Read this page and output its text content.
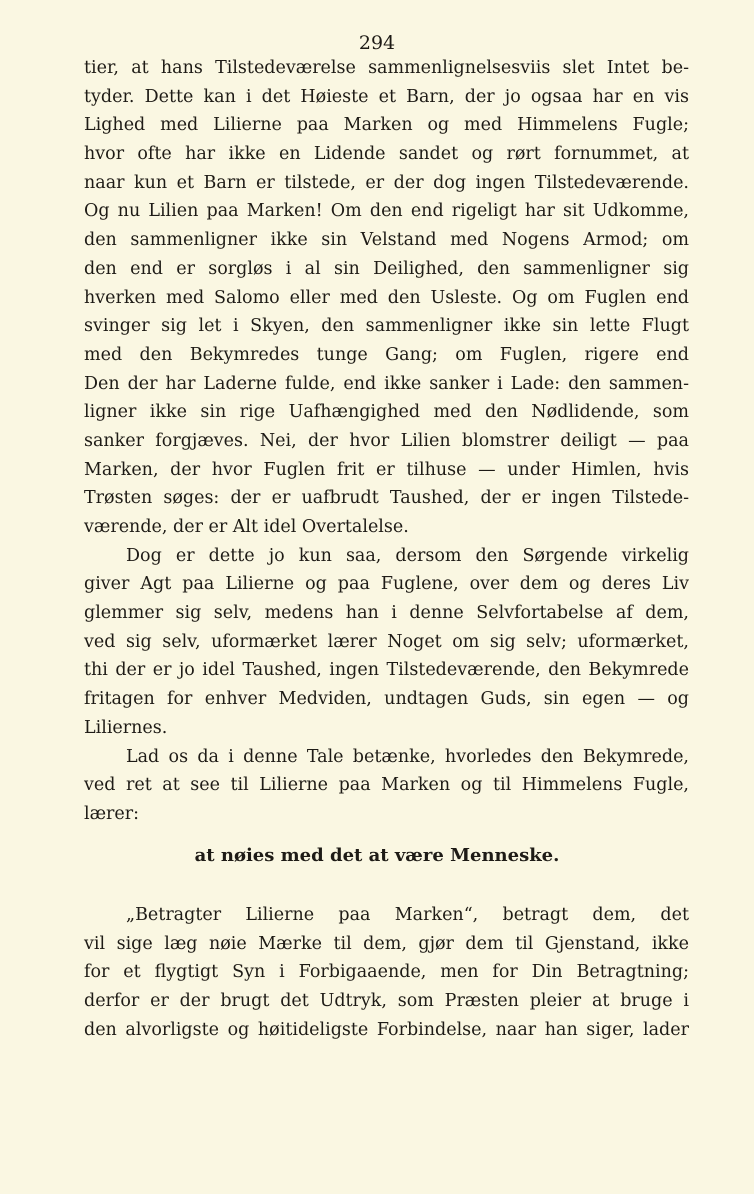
294
tier, at hans Tilstedeværelse sammenlignelsesviis slet Intet be-
tyder. Dette kan i det Høieste et Barn, der jo ogsaa har en vis
Lighed med Lilierne paa Marken og med Himmelens Fugle;
hvor ofte har ikke en Lidende sandet og rørt fornummet, at
naar kun et Barn er tilstede, er der dog ingen Tilstedeværende.
Og nu Lilien paa Marken! Om den end rigeligt har sit Udkomme,
den sammenligner ikke sin Velstand med Nogens Armod; om
den end er sorgløs i al sin Deilighed, den sammenligner sig
hverken med Salomo eller med den Usleste. Og om Fuglen end
svinger sig let i Skyen, den sammenligner ikke sin lette Flugt
med den Bekymredes tunge Gang; om Fuglen, rigere end
Den der har Laderne fulde, end ikke sanker i Lade: den sammen-
ligner ikke sin rige Uafhængighed med den Nødlidende, som
sanker forgjæves. Nei, der hvor Lilien blomstrer deiligt — paa
Marken, der hvor Fuglen frit er tilhuse — under Himlen, hvis
Trøsten søges: der er uafbrudt Taushed, der er ingen Tilstede-
værende, der er Alt idel Overtalelse.
Dog er dette jo kun saa, dersom den Sørgende virkelig
giver Agt paa Lilierne og paa Fuglene, over dem og deres Liv
glemmer sig selv, medens han i denne Selvfortabelse af dem,
ved sig selv, uformærket lærer Noget om sig selv; uformærket,
thi der er jo idel Taushed, ingen Tilstedeværende, den Bekymrede
fritagen for enhver Medviden, undtagen Guds, sin egen — og
Liliernes.
Lad os da i denne Tale betænke, hvorledes den Bekymrede,
ved ret at see til Lilierne paa Marken og til Himmelens Fugle,
lærer:
at nøies med det at være Menneske.
„Betragter Lilierne paa Marken“, betragt dem, det
vil sige læg nøie Mærke til dem, gjør dem til Gjenstand, ikke
for et flygtigt Syn i Forbigaaende, men for Din Betragtning;
derfor er der brugt det Udtryk, som Præsten pleier at bruge i
den alvorligste og høitideligste Forbindelse, naar han siger, lader
